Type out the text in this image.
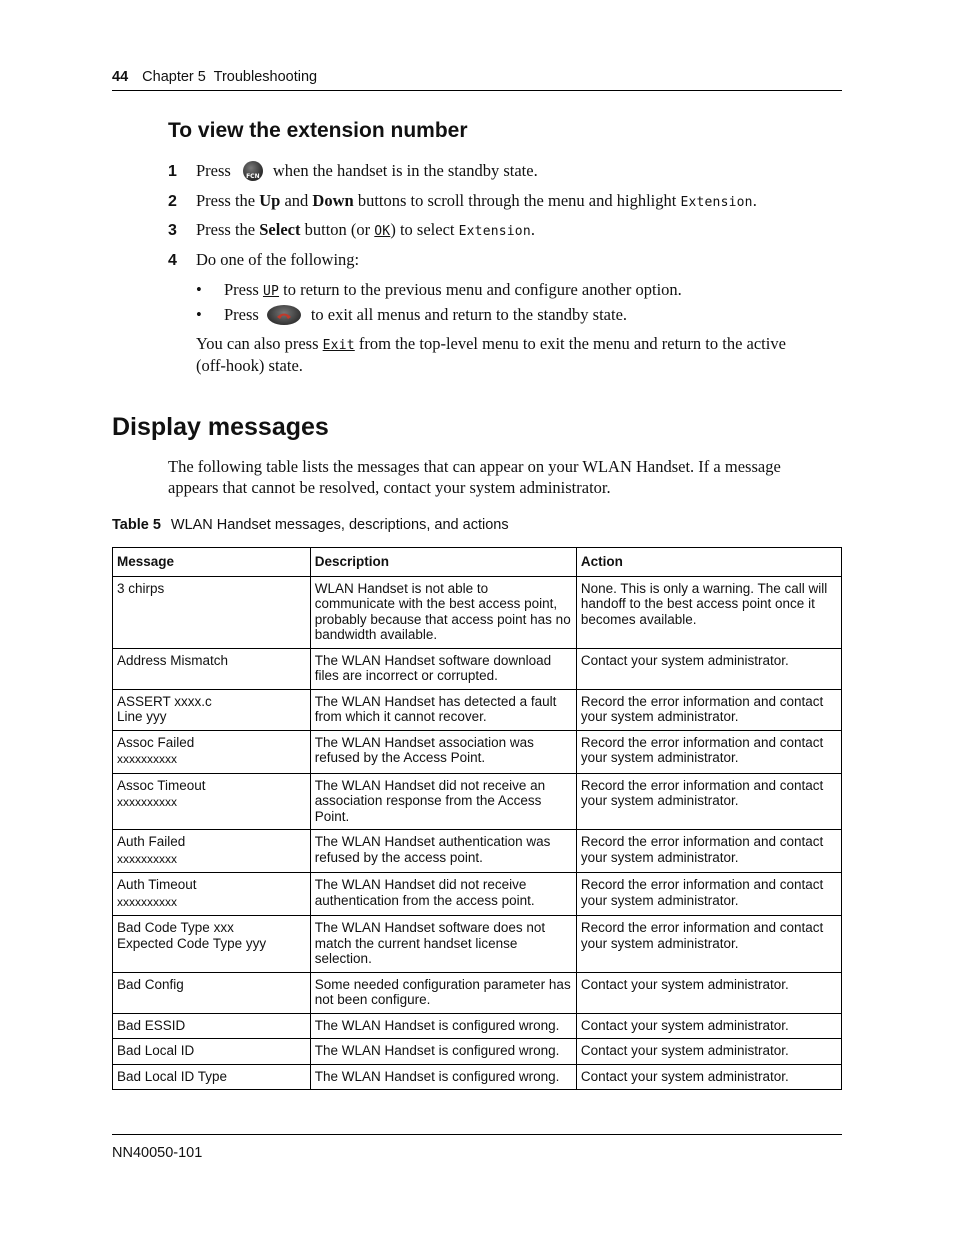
44 Chapter 5  Troubleshooting
To view the extension number
1 Press	FCN when the handset is in the standby state.
2 Press the Up and Down buttons to scroll through the menu and highlight Extension.
3 Press the Select button (or OK) to select Extension.
4 Do one of the following:
• Press UP to return to the previous menu and configure another option.
• Press	to exit all menus and return to the standby state.
You can also press Exit from the top-level menu to exit the menu and return to the active (off-hook) state.
Display messages
The following table lists the messages that can appear on your WLAN Handset. If a message appears that cannot be resolved, contact your system administrator.
Table 5 WLAN Handset messages, descriptions, and actions
Message	Description	Action

3 chirps	WLAN Handset is not able to communicate with the best access point, probably because that access point has no bandwidth available.	None. This is only a warning. The call will handoff to the best access point once it becomes available.

Address Mismatch	The WLAN Handset software download files are incorrect or corrupted.	Contact your system administrator.

ASSERT xxxx.c
Line yyy	The WLAN Handset has detected a fault from which it cannot recover.	Record the error information and contact your system administrator.

Assoc Failed
xxxxxxxxxx	The WLAN Handset association was refused by the Access Point.	Record the error information and contact your system administrator.

Assoc Timeout
xxxxxxxxxx	The WLAN Handset did not receive an association response from the Access Point.	Record the error information and contact your system administrator.

Auth Failed
xxxxxxxxxx	The WLAN Handset authentication was refused by the access point.	Record the error information and contact your system administrator.

Auth Timeout
xxxxxxxxxx	The WLAN Handset did not receive authentication from the access point.	Record the error information and contact your system administrator.

Bad Code Type xxx
Expected Code Type yyy	The WLAN Handset software does not match the current handset license selection.	Record the error information and contact your system administrator.

Bad Config	Some needed configuration parameter has not been configure.	Contact your system administrator.

Bad ESSID	The WLAN Handset is configured wrong.	Contact your system administrator.

Bad Local ID	The WLAN Handset is configured wrong.	Contact your system administrator.

Bad Local ID Type	The WLAN Handset is configured wrong.	Contact your system administrator.
NN40050-101
